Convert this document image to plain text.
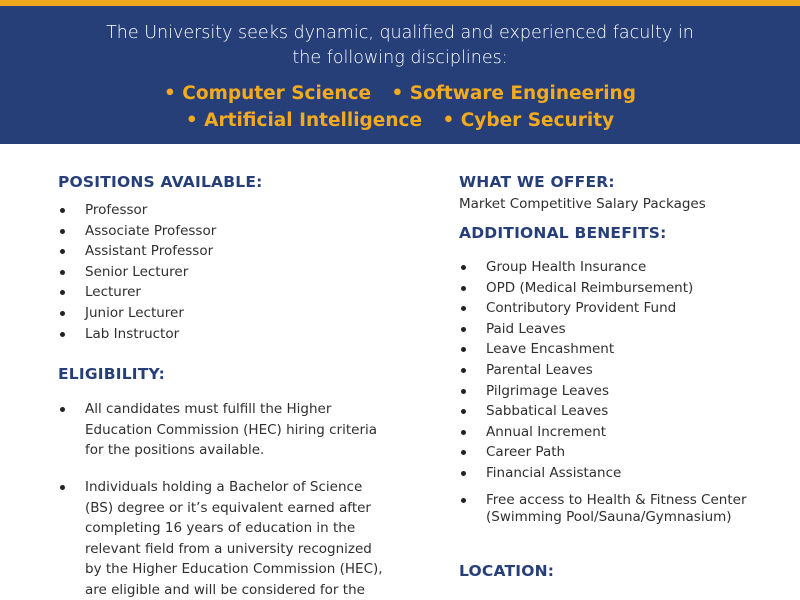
The University seeks dynamic, qualified and experienced faculty in
the following disciplines:

• Computer Science • Software Engineering • Artificial Intelligence • Cyber Security
POSITIONS AVAILABLE:
Professor
Associate Professor
Assistant Professor
Senior Lecturer
Lecturer
Junior Lecturer
Lab Instructor
ELIGIBILITY:
All candidates must fulfill the Higher Education Commission (HEC) hiring criteria for the positions available.
Individuals holding a Bachelor of Science (BS) degree or it’s equivalent earned after completing 16 years of education in the relevant field from a university recognized by the Higher Education Commission (HEC), are eligible and will be considered for the
WHAT WE OFFER:

Market Competitive Salary Packages

ADDITIONAL BENEFITS:
Group Health Insurance
OPD (Medical Reimbursement)
Contributory Provident Fund
Paid Leaves
Leave Encashment
Parental Leaves
Pilgrimage Leaves
Sabbatical Leaves
Annual Increment
Career Path
Financial Assistance
Free access to Health & Fitness Center (Swimming Pool/Sauna/Gymnasium)
LOCATION:
